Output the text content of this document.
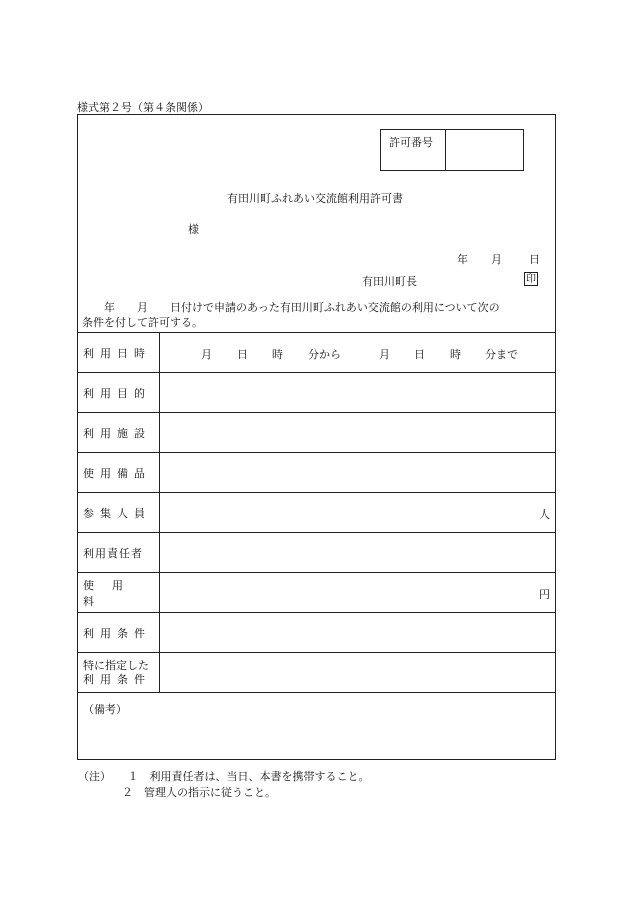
様式第２号（第４条関係）
許可番号
有田川町ふれあい交流館利用許可書
様
年 月 日
有田川町長	印
　　年　　月　　日付けで申請のあった有田川町ふれあい交流館の利用について次の
条件を付して許可する。
利用日時	月 日 時 分から	月 日 時 分まで
利用目的
利用施設
使用備品
参集人員	人
利用責任者
使用料	円
利用条件
特に指定した
利用条件
（備考）
（注）　　 １　 利用責任者は、当日、本書を携帯すること。
　　　　２　 管理人の指示に従うこと。
